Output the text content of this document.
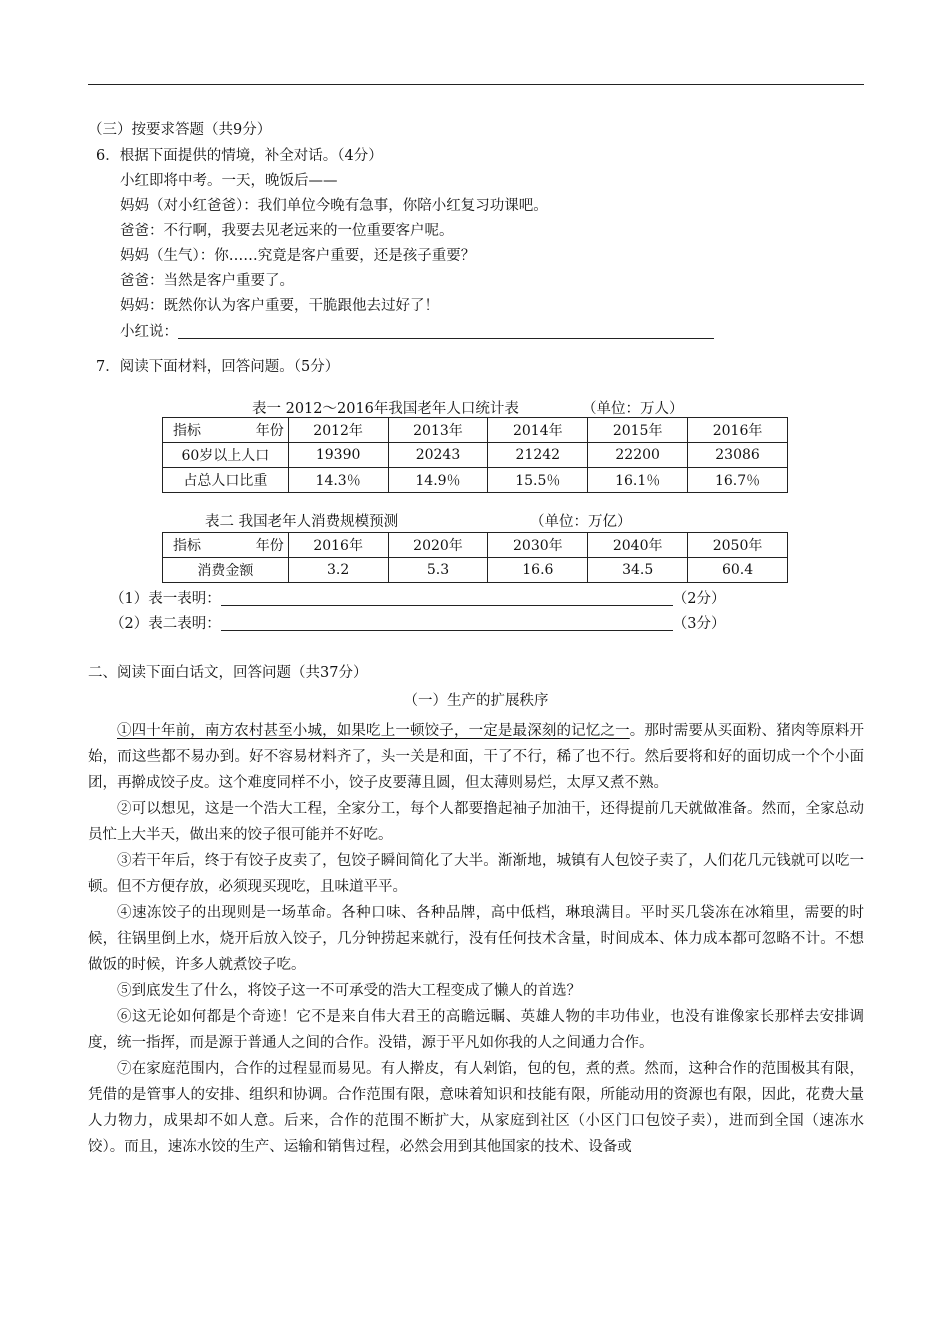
（三）按要求答题（共9分）
6．根据下面提供的情境，补全对话。（4分）
小红即将中考。一天，晚饭后——
妈妈（对小红爸爸）：我们单位今晚有急事，你陪小红复习功课吧。
爸爸：不行啊，我要去见老远来的一位重要客户呢。
妈妈（生气）：你……究竟是客户重要，还是孩子重要？
爸爸：当然是客户重要了。
妈妈：既然你认为客户重要，干脆跟他去过好了！
小红说：
7．阅读下面材料，回答问题。（5分）
表一 2012～2016年我国老年人口统计表	（单位：万人）
指标 年份	2012年	2013年	2014年	2015年	2016年
60岁以上人口	19390	20243	21242	22200	23086
占总人口比重	14.3％	14.9％	15.5％	16.1％	16.7％
表二 我国老年人消费规模预测	（单位：万亿）
指标 年份	2016年	2020年	2030年	2040年	2050年
消费金额	3.2	5.3	16.6	34.5	60.4
（1）表一表明：	（2分）
（2）表二表明：	（3分）
二、阅读下面白话文，回答问题（共37分）
（一）生产的扩展秩序

①四十年前，南方农村甚至小城，如果吃上一顿饺子，一定是最深刻的记忆之一。那时需要从买面粉、猪肉等原料开始，而这些都不易办到。好不容易材料齐了，头一关是和面，干了不行，稀了也不行。然后要将和好的面切成一个个小面团，再擀成饺子皮。这个难度同样不小，饺子皮要薄且圆，但太薄则易烂，太厚又煮不熟。

②可以想见，这是一个浩大工程，全家分工，每个人都要撸起袖子加油干，还得提前几天就做准备。然而，全家总动员忙上大半天，做出来的饺子很可能并不好吃。

③若干年后，终于有饺子皮卖了，包饺子瞬间简化了大半。渐渐地，城镇有人包饺子卖了，人们花几元钱就可以吃一顿。但不方便存放，必须现买现吃，且味道平平。

④速冻饺子的出现则是一场革命。各种口味、各种品牌，高中低档，琳琅满目。平时买几袋冻在冰箱里，需要的时候，往锅里倒上水，烧开后放入饺子，几分钟捞起来就行，没有任何技术含量，时间成本、体力成本都可忽略不计。不想做饭的时候，许多人就煮饺子吃。

⑤到底发生了什么，将饺子这一不可承受的浩大工程变成了懒人的首选？

⑥这无论如何都是个奇迹！它不是来自伟大君王的高瞻远瞩、英雄人物的丰功伟业，也没有谁像家长那样去安排调度，统一指挥，而是源于普通人之间的合作。没错，源于平凡如你我的人之间通力合作。

⑦在家庭范围内，合作的过程显而易见。有人擀皮，有人剁馅，包的包，煮的煮。然而，这种合作的范围极其有限，凭借的是管事人的安排、组织和协调。合作范围有限，意味着知识和技能有限，所能动用的资源也有限，因此，花费大量人力物力，成果却不如人意。后来，合作的范围不断扩大，从家庭到社区（小区门口包饺子卖），进而到全国（速冻水饺）。而且，速冻水饺的生产、运输和销售过程，必然会用到其他国家的技术、设备或
